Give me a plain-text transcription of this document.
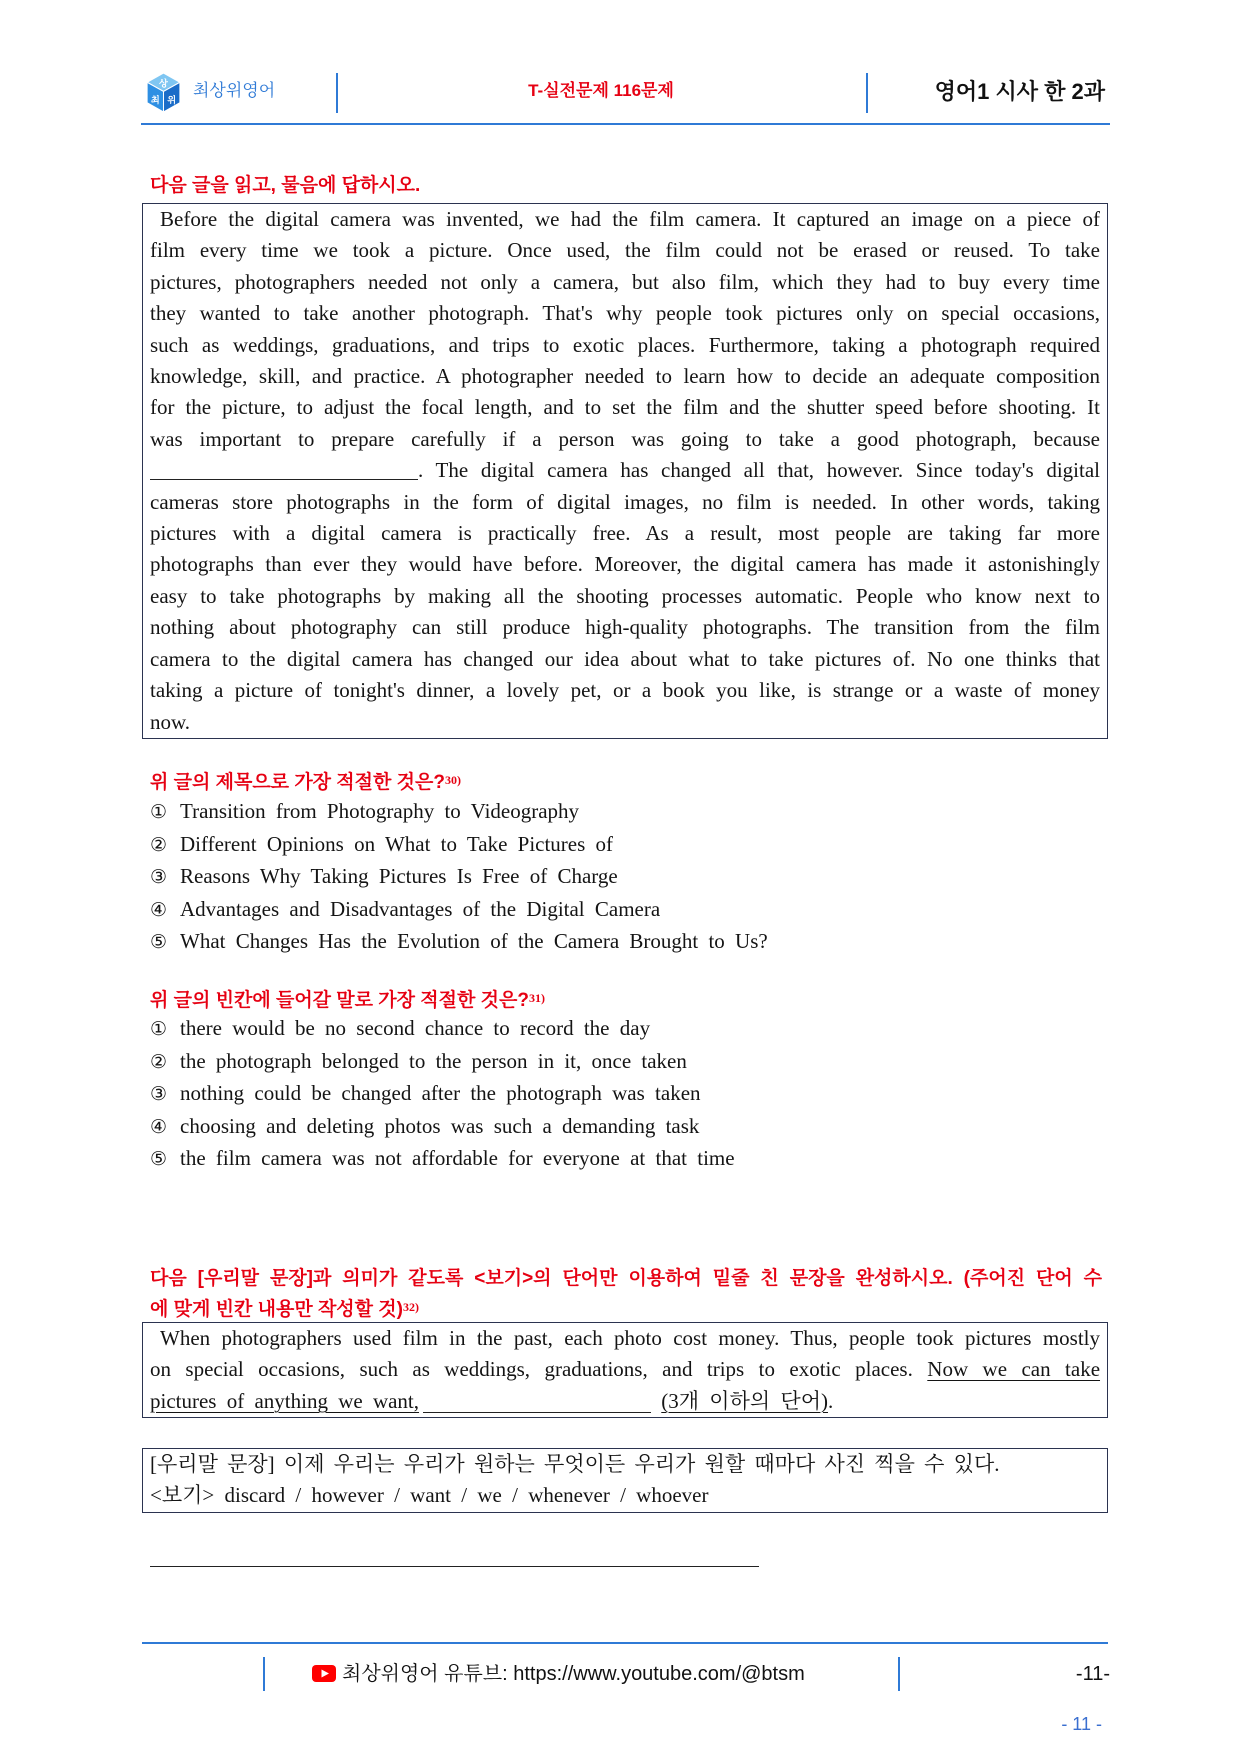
상
최 위
최상위영어	T-실전문제 116문제	영어1 시사 한 2과
다음 글을 읽고, 물음에 답하시오.
Before the digital camera was invented, we had the film camera. It captured an image on a piece of
film every time we took a picture. Once used, the film could not be erased or reused. To take
pictures, photographers needed not only a camera, but also film, which they had to buy every time
they wanted to take another photograph. That's why people took pictures only on special occasions,
such as weddings, graduations, and trips to exotic places. Furthermore, taking a photograph required
knowledge, skill, and practice. A photographer needed to learn how to decide an adequate composition
for the picture, to adjust the focal length, and to set the film and the shutter speed before shooting. It
was important to prepare carefully if a person was going to take a good photograph, because
. The digital camera has changed all that, however. Since today's digital
cameras store photographs in the form of digital images, no film is needed. In other words, taking
pictures with a digital camera is practically free. As a result, most people are taking far more
photographs than ever they would have before. Moreover, the digital camera has made it astonishingly
easy to take photographs by making all the shooting processes automatic. People who know next to
nothing about photography can still produce high-quality photographs. The transition from the film
camera to the digital camera has changed our idea about what to take pictures of. No one thinks that
taking a picture of tonight's dinner, a lovely pet, or a book you like, is strange or a waste of money
now.
위 글의 제목으로 가장 적절한 것은?$^{30)}$
① Transition from Photography to Videography
② Different Opinions on What to Take Pictures of
③ Reasons Why Taking Pictures Is Free of Charge
④ Advantages and Disadvantages of the Digital Camera
⑤ What Changes Has the Evolution of the Camera Brought to Us?
위 글의 빈칸에 들어갈 말로 가장 적절한 것은?$^{31)}$
① there would be no second chance to record the day
② the photograph belonged to the person in it, once taken
③ nothing could be changed after the photograph was taken
④ choosing and deleting photos was such a demanding task
⑤ the film camera was not affordable for everyone at that time
다음 [우리말 문장]과 의미가 같도록 <보기>의 단어만 이용하여 밑줄 친 문장을 완성하시오. (주어진 단어 수
에 맞게 빈칸 내용만 작성할 것)$^{32)}$
When photographers used film in the past, each photo cost money. Thus, people took pictures mostly
on special occasions, such as weddings, graduations, and trips to exotic places. Now we can take
pictures of anything we want,	(3개 이하의 단어).
[우리말 문장] 이제 우리는 우리가 원하는 무엇이든 우리가 원할 때마다 사진 찍을 수 있다.
<보기> discard / however / want / we / whenever / whoever
최상위영어 유튜브: https://www.youtube.com/@btsm	-11-
- 11 -
